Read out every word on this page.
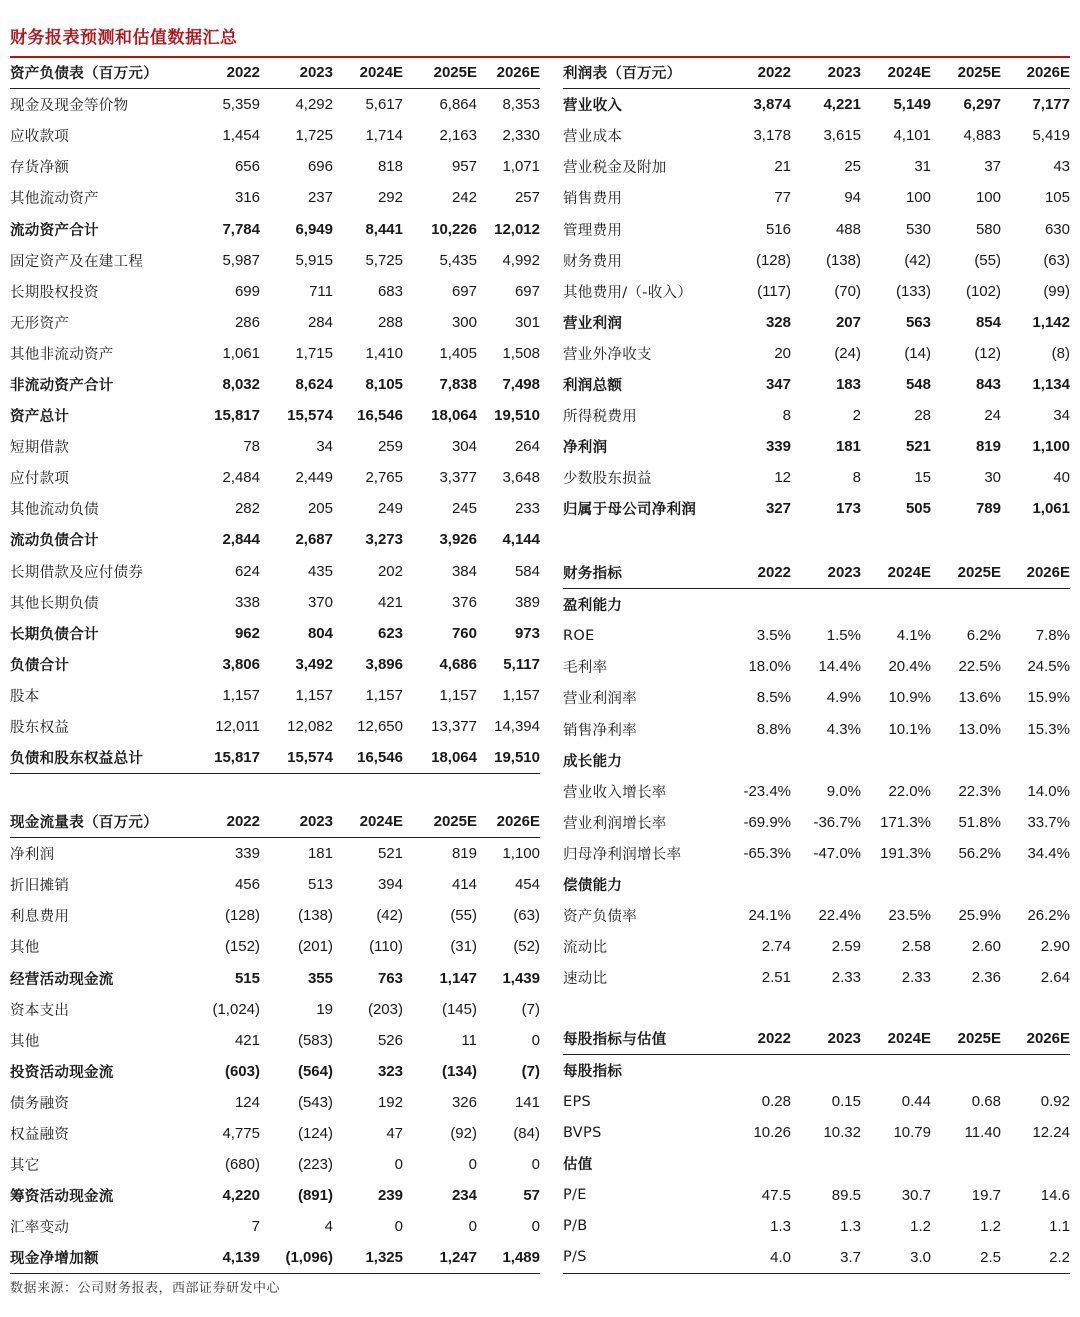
财务报表预测和估值数据汇总
资产负债表（百万元）	2022	2023	2024E	2025E	2026E
现金及现金等价物	5,359	4,292	5,617	6,864	8,353
应收款项	1,454	1,725	1,714	2,163	2,330
存货净额	656	696	818	957	1,071
其他流动资产	316	237	292	242	257
流动资产合计	7,784	6,949	8,441	10,226	12,012
固定资产及在建工程	5,987	5,915	5,725	5,435	4,992
长期股权投资	699	711	683	697	697
无形资产	286	284	288	300	301
其他非流动资产	1,061	1,715	1,410	1,405	1,508
非流动资产合计	8,032	8,624	8,105	7,838	7,498
资产总计	15,817	15,574	16,546	18,064	19,510
短期借款	78	34	259	304	264
应付款项	2,484	2,449	2,765	3,377	3,648
其他流动负债	282	205	249	245	233
流动负债合计	2,844	2,687	3,273	3,926	4,144
长期借款及应付债券	624	435	202	384	584
其他长期负债	338	370	421	376	389
长期负债合计	962	804	623	760	973
负债合计	3,806	3,492	3,896	4,686	5,117
股本	1,157	1,157	1,157	1,157	1,157
股东权益	12,011	12,082	12,650	13,377	14,394
负债和股东权益总计	15,817	15,574	16,546	18,064	19,510
利润表（百万元）	2022	2023	2024E	2025E	2026E
营业收入	3,874	4,221	5,149	6,297	7,177
营业成本	3,178	3,615	4,101	4,883	5,419
营业税金及附加	21	25	31	37	43
销售费用	77	94	100	100	105
管理费用	516	488	530	580	630
财务费用	(128)	(138)	(42)	(55)	(63)
其他费用/（-收入）	(117)	(70)	(133)	(102)	(99)
营业利润	328	207	563	854	1,142
营业外净收支	20	(24)	(14)	(12)	(8)
利润总额	347	183	548	843	1,134
所得税费用	8	2	28	24	34
净利润	339	181	521	819	1,100
少数股东损益	12	8	15	30	40
归属于母公司净利润	327	173	505	789	1,061
财务指标	2022	2023	2024E	2025E	2026E
盈利能力					
ROE	3.5%	1.5%	4.1%	6.2%	7.8%
毛利率	18.0%	14.4%	20.4%	22.5%	24.5%
营业利润率	8.5%	4.9%	10.9%	13.6%	15.9%
销售净利率	8.8%	4.3%	10.1%	13.0%	15.3%
成长能力					
营业收入增长率	-23.4%	9.0%	22.0%	22.3%	14.0%
营业利润增长率	-69.9%	-36.7%	171.3%	51.8%	33.7%
归母净利润增长率	-65.3%	-47.0%	191.3%	56.2%	34.4%
偿债能力					
资产负债率	24.1%	22.4%	23.5%	25.9%	26.2%
流动比	2.74	2.59	2.58	2.60	2.90
速动比	2.51	2.33	2.33	2.36	2.64
现金流量表（百万元）	2022	2023	2024E	2025E	2026E
净利润	339	181	521	819	1,100
折旧摊销	456	513	394	414	454
利息费用	(128)	(138)	(42)	(55)	(63)
其他	(152)	(201)	(110)	(31)	(52)
经营活动现金流	515	355	763	1,147	1,439
资本支出	(1,024)	19	(203)	(145)	(7)
其他	421	(583)	526	11	0
投资活动现金流	(603)	(564)	323	(134)	(7)
债务融资	124	(543)	192	326	141
权益融资	4,775	(124)	47	(92)	(84)
其它	(680)	(223)	0	0	0
筹资活动现金流	4,220	(891)	239	234	57
汇率变动	7	4	0	0	0
现金净增加额	4,139	(1,096)	1,325	1,247	1,489
每股指标与估值	2022	2023	2024E	2025E	2026E
每股指标					
EPS	0.28	0.15	0.44	0.68	0.92
BVPS	10.26	10.32	10.79	11.40	12.24
估值					
P/E	47.5	89.5	30.7	19.7	14.6
P/B	1.3	1.3	1.2	1.2	1.1
P/S	4.0	3.7	3.0	2.5	2.2
数据来源：公司财务报表，西部证券研发中心
